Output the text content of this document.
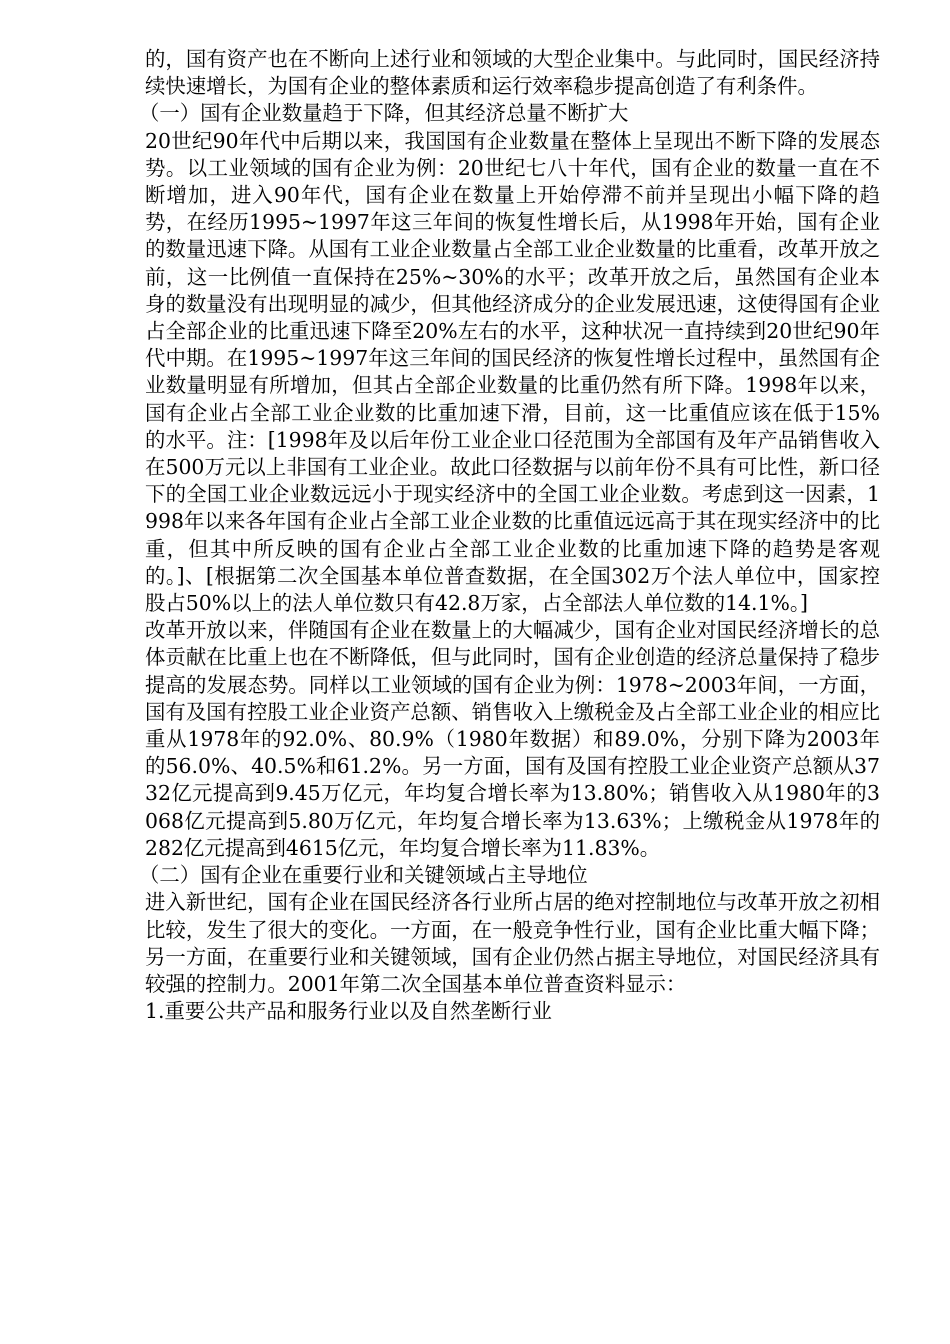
的，国有资产也在不断向上述行业和领域的大型企业集中。与此同时，国民经济持续快速增长，为国有企业的整体素质和运行效率稳步提高创造了有利条件。

（一）国有企业数量趋于下降，但其经济总量不断扩大

20世纪90年代中后期以来，我国国有企业数量在整体上呈现出不断下降的发展态势。以工业领域的国有企业为例：20世纪七八十年代，国有企业的数量一直在不断增加，进入90年代，国有企业在数量上开始停滞不前并呈现出小幅下降的趋势，在经历1995~1997年这三年间的恢复性增长后，从1998年开始，国有企业的数量迅速下降。从国有工业企业数量占全部工业企业数量的比重看，改革开放之前，这一比例值一直保持在25%~30%的水平；改革开放之后，虽然国有企业本身的数量没有出现明显的减少，但其他经济成分的企业发展迅速，这使得国有企业占全部企业的比重迅速下降至20%左右的水平，这种状况一直持续到20世纪90年代中期。在1995~1997年这三年间的国民经济的恢复性增长过程中，虽然国有企业数量明显有所增加，但其占全部企业数量的比重仍然有所下降。1998年以来，国有企业占全部工业企业数的比重加速下滑，目前，这一比重值应该在低于15%的水平。注：[1998年及以后年份工业企业口径范围为全部国有及年产品销售收入在500万元以上非国有工业企业。故此口径数据与以前年份不具有可比性，新口径下的全国工业企业数远远小于现实经济中的全国工业企业数。考虑到这一因素，1998年以来各年国有企业占全部工业企业数的比重值远远高于其在现实经济中的比重，但其中所反映的国有企业占全部工业企业数的比重加速下降的趋势是客观的。]、[根据第二次全国基本单位普查数据，在全国302万个法人单位中，国家控股占50%以上的法人单位数只有42.8万家，占全部法人单位数的14.1%。]

改革开放以来，伴随国有企业在数量上的大幅减少，国有企业对国民经济增长的总体贡献在比重上也在不断降低，但与此同时，国有企业创造的经济总量保持了稳步提高的发展态势。同样以工业领域的国有企业为例：1978~2003年间，一方面，国有及国有控股工业企业资产总额、销售收入上缴税金及占全部工业企业的相应比重从1978年的92.0%、80.9%（1980年数据）和89.0%，分别下降为2003年的56.0%、40.5%和61.2%。另一方面，国有及国有控股工业企业资产总额从3732亿元提高到9.45万亿元，年均复合增长率为13.80%；销售收入从1980年的3068亿元提高到5.80万亿元，年均复合增长率为13.63%；上缴税金从1978年的282亿元提高到4615亿元，年均复合增长率为11.83%。

（二）国有企业在重要行业和关键领域占主导地位

进入新世纪，国有企业在国民经济各行业所占居的绝对控制地位与改革开放之初相比较，发生了很大的变化。一方面，在一般竞争性行业，国有企业比重大幅下降；另一方面，在重要行业和关键领域，国有企业仍然占据主导地位，对国民经济具有较强的控制力。2001年第二次全国基本单位普查资料显示：

1.重要公共产品和服务行业以及自然垄断行业
